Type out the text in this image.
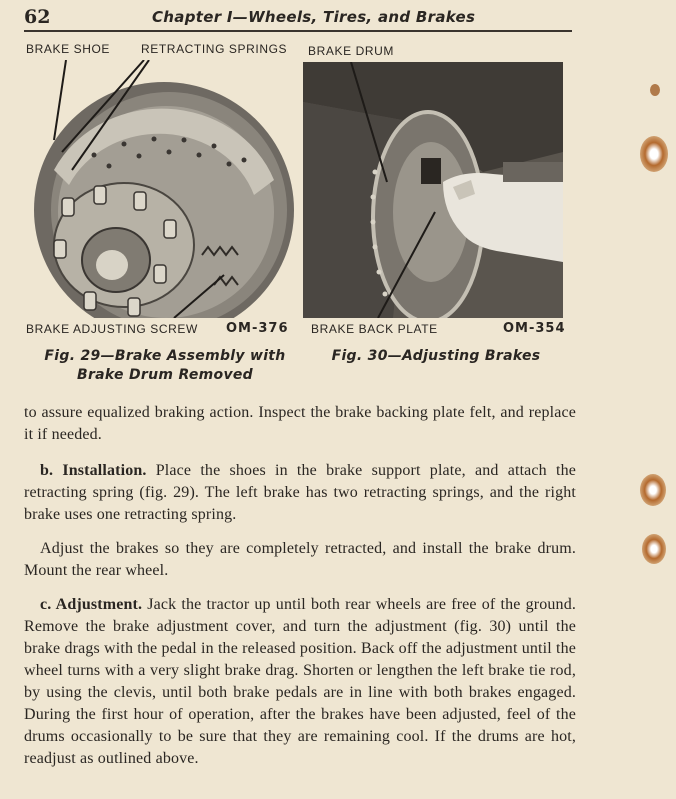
62	Chapter I—Wheels, Tires, and Brakes
BRAKE SHOE	RETRACTING SPRINGS BRAKE DRUM
BRAKE ADJUSTING SCREW OM-376 BRAKE BACK PLATE	OM-354
Fig. 29—Brake Assembly with
Brake Drum Removed
Fig. 30—Adjusting Brakes

to assure equalized braking action. Inspect the brake backing plate felt, and replace it if needed.

b. Installation. Place the shoes in the brake support plate, and attach the retracting spring (fig. 29). The left brake has two retracting springs, and the right brake uses one retracting spring.

Adjust the brakes so they are completely retracted, and install the brake drum. Mount the rear wheel.

c. Adjustment. Jack the tractor up until both rear wheels are free of the ground. Remove the brake adjustment cover, and turn the adjustment (fig. 30) until the brake drags with the pedal in the released position. Back off the adjustment until the wheel turns with a very slight brake drag. Shorten or lengthen the left brake tie rod, by using the clevis, until both brake pedals are in line with both brakes engaged. During the first hour of operation, after the brakes have been adjusted, feel of the drums occasionally to be sure that they are remaining cool. If the drums are hot, readjust as outlined above.
